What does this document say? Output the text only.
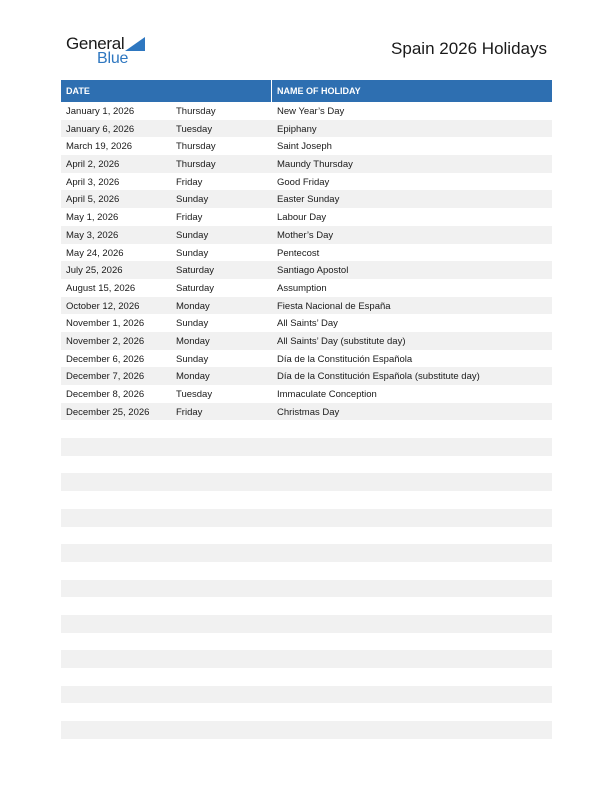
General
Blue
Spain 2026 Holidays
DATE	NAME OF HOLIDAY
January 1, 2026	Thursday	New Year’s Day
January 6, 2026	Tuesday	Epiphany
March 19, 2026	Thursday	Saint Joseph
April 2, 2026	Thursday	Maundy Thursday
April 3, 2026	Friday	Good Friday
April 5, 2026	Sunday	Easter Sunday
May 1, 2026	Friday	Labour Day
May 3, 2026	Sunday	Mother’s Day
May 24, 2026	Sunday	Pentecost
July 25, 2026	Saturday	Santiago Apostol
August 15, 2026	Saturday	Assumption
October 12, 2026	Monday	Fiesta Nacional de España
November 1, 2026	Sunday	All Saints’ Day
November 2, 2026	Monday	All Saints’ Day (substitute day)
December 6, 2026	Sunday	Día de la Constitución Española
December 7, 2026	Monday	Día de la Constitución Española (substitute day)
December 8, 2026	Tuesday	Immaculate Conception
December 25, 2026	Friday	Christmas Day
